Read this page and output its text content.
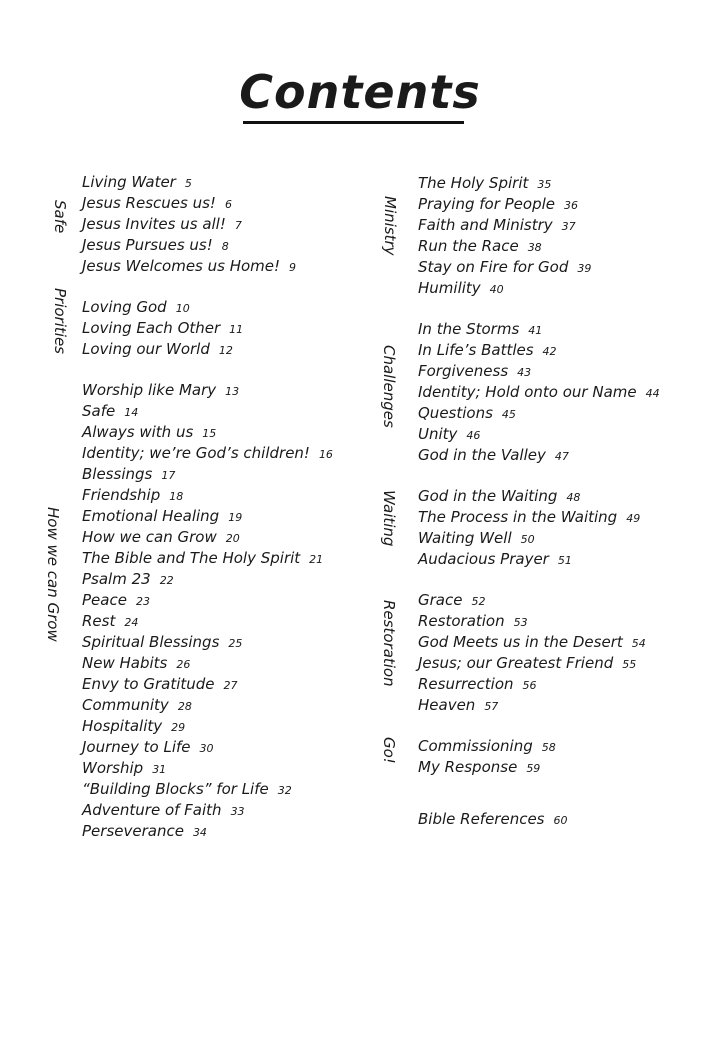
Contents
Living Water 5
Jesus Rescues us! 6
Jesus Invites us all! 7
Jesus Pursues us! 8
Jesus Welcomes us Home! 9
Loving God 10
Loving Each Other 11
Loving our World 12
Worship like Mary 13
Safe 14
Always with us 15
Identity; we’re God’s children! 16
Blessings 17
Friendship 18
Emotional Healing 19
How we can Grow 20
The Bible and The Holy Spirit 21
Psalm 23 22
Peace 23
Rest 24
Spiritual Blessings 25
New Habits 26
Envy to Gratitude 27
Community 28
Hospitality 29
Journey to Life 30
Worship 31
“Building Blocks” for Life 32
Adventure of Faith 33
Perseverance 34
The Holy Spirit 35
Praying for People 36
Faith and Ministry 37
Run the Race 38
Stay on Fire for God 39
Humility 40
In the Storms 41
In Life’s Battles 42
Forgiveness 43
Identity; Hold onto our Name 44
Questions 45
Unity 46
God in the Valley 47
God in the Waiting 48
The Process in the Waiting 49
Waiting Well 50
Audacious Prayer 51
Grace 52
Restoration 53
God Meets us in the Desert 54
Jesus; our Greatest Friend 55
Resurrection 56
Heaven 57
Commissioning 58
My Response 59
Bible References 60
Safe
Priorities
How we can Grow
Ministry
Challenges
Waiting
Restoration
Go!
